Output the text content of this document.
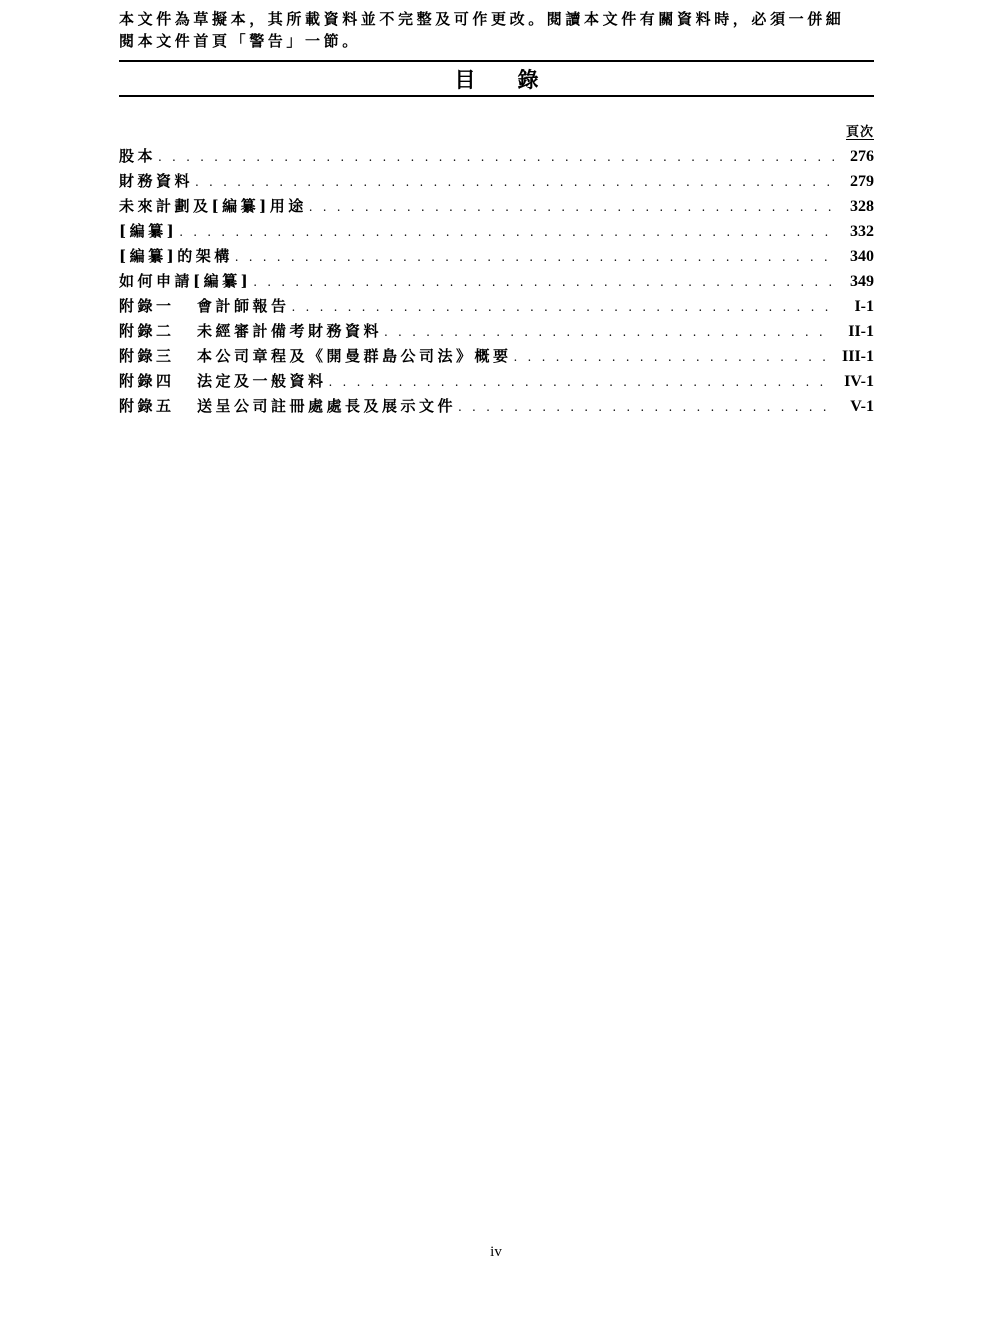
本文件為草擬本，其所載資料並不完整及可作更改。閱讀本文件有關資料時，必須一併細
閱本文件首頁「警告」一節。

目錄
頁次
股本 . . .	276
財務資料 . . .	279
未來計劃及[編纂]用途 . . .	328
[編纂] . . .	332
[編纂]的架構 . . .	340
如何申請[編纂] . . .	349
附錄一	會計師報告 . . .	I-1
附錄二	未經審計備考財務資料 . . .	II-1
附錄三	本公司章程及《開曼群島公司法》概要 . . .	III-1
附錄四	法定及一般資料 . . .	IV-1
附錄五	送呈公司註冊處處長及展示文件 . . .	V-1
iv
